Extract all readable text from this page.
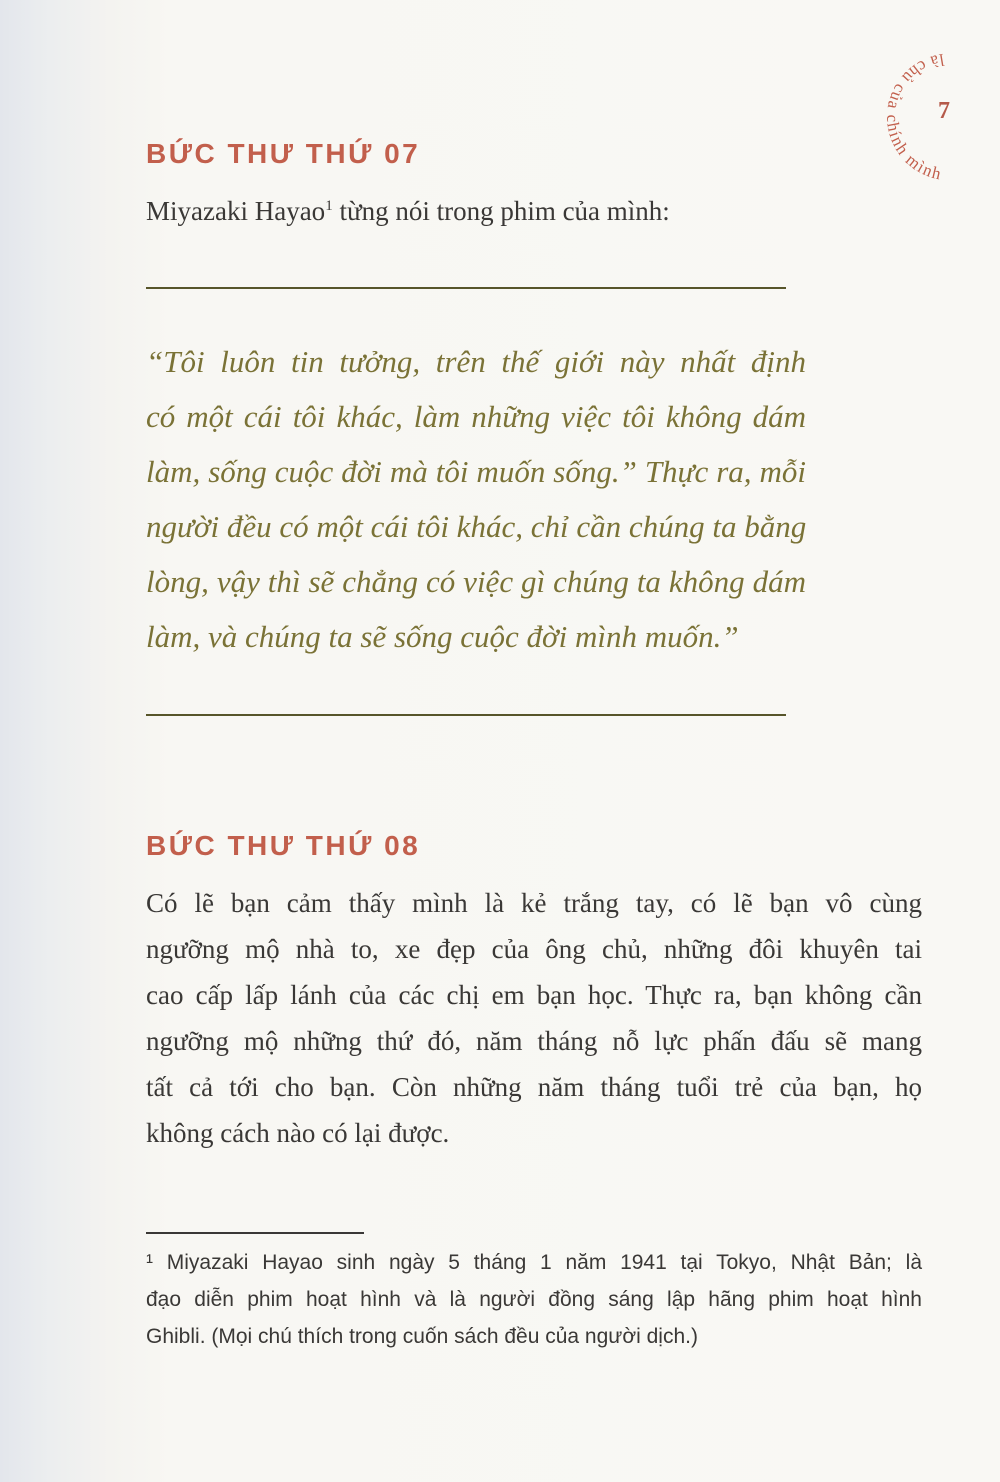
là chủ của chính mình
7
BỨC THƯ THỨ 07
Miyazaki Hayao$^1$ từng nói trong phim của mình:
“Tôi luôn tin tưởng, trên thế giới này nhất định
có một cái tôi khác, làm những việc tôi không dám
làm, sống cuộc đời mà tôi muốn sống.” Thực ra, mỗi
người đều có một cái tôi khác, chỉ cần chúng ta bằng
lòng, vậy thì sẽ chẳng có việc gì chúng ta không dám
làm, và chúng ta sẽ sống cuộc đời mình muốn.”
BỨC THƯ THỨ 08
Có lẽ bạn cảm thấy mình là kẻ trắng tay, có lẽ bạn vô cùng
ngưỡng mộ nhà to, xe đẹp của ông chủ, những đôi khuyên tai
cao cấp lấp lánh của các chị em bạn học. Thực ra, bạn không cần
ngưỡng mộ những thứ đó, năm tháng nỗ lực phấn đấu sẽ mang
tất cả tới cho bạn. Còn những năm tháng tuổi trẻ của bạn, họ
không cách nào có lại được.
¹ Miyazaki Hayao sinh ngày 5 tháng 1 năm 1941 tại Tokyo, Nhật Bản; là
đạo diễn phim hoạt hình và là người đồng sáng lập hãng phim hoạt hình
Ghibli. (Mọi chú thích trong cuốn sách đều của người dịch.)
